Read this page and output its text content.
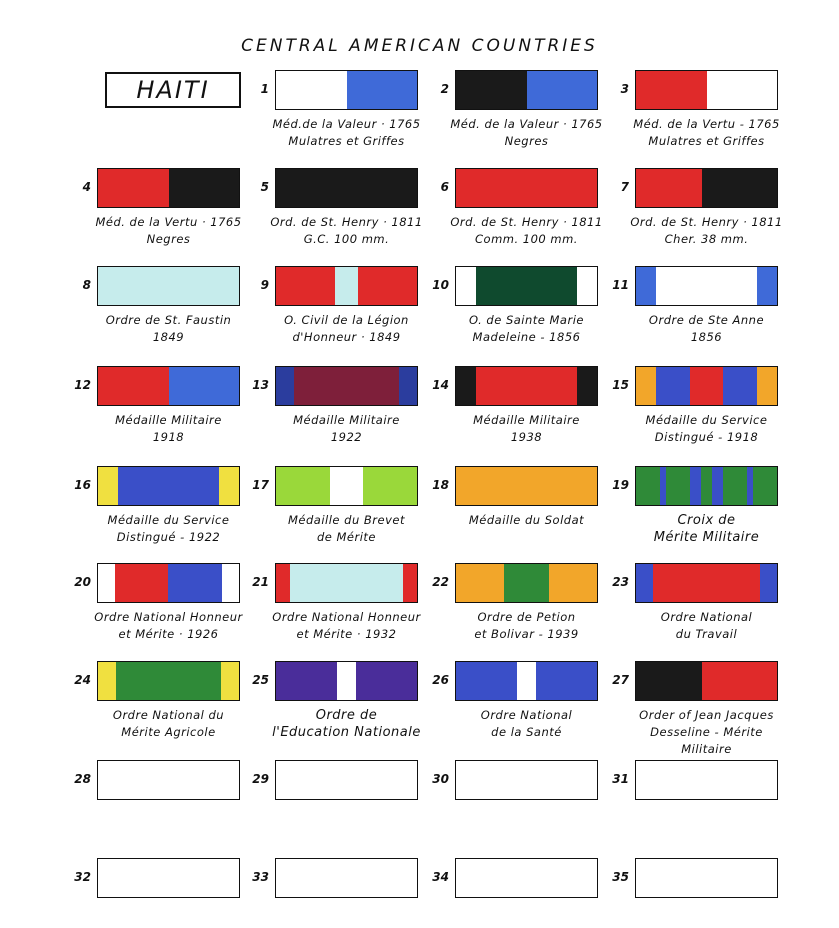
CENTRAL AMERICAN COUNTRIES
HAITI	1
Méd.de la Valeur · 1765
Mulatres et Griffes
2
Méd. de la Valeur · 1765
Negres
3
Méd. de la Vertu - 1765
Mulatres et Griffes
4
Méd. de la Vertu · 1765
Negres
5
Ord. de St. Henry · 1811
G.C. 100 mm.
6
Ord. de St. Henry · 1811
Comm. 100 mm.
7
Ord. de St. Henry · 1811
Cher. 38 mm.
8
Ordre de St. Faustin
1849
9
O. Civil de la Légion
d'Honneur · 1849
10
O. de Sainte Marie
Madeleine - 1856
11
Ordre de Ste Anne
1856
12
Médaille Militaire
1918
13
Médaille Militaire
1922
14
Médaille Militaire
1938
15
Médaille du Service
Distingué - 1918
16
Médaille du Service
Distingué - 1922
17
Médaille du Brevet
de Mérite
18
Médaille du Soldat
19
Croix de
Mérite Militaire
20
Ordre National Honneur
et Mérite · 1926
21
Ordre National Honneur
et Mérite · 1932
22
Ordre de Petion
et Bolivar - 1939
23
Ordre National
du Travail
24
Ordre National du
Mérite Agricole
25
Ordre de
l'Education Nationale
26
Ordre National
de la Santé
27
Order of Jean Jacques
Desseline - Mérite
Militaire
28	29	30	31
32	33	34	35
